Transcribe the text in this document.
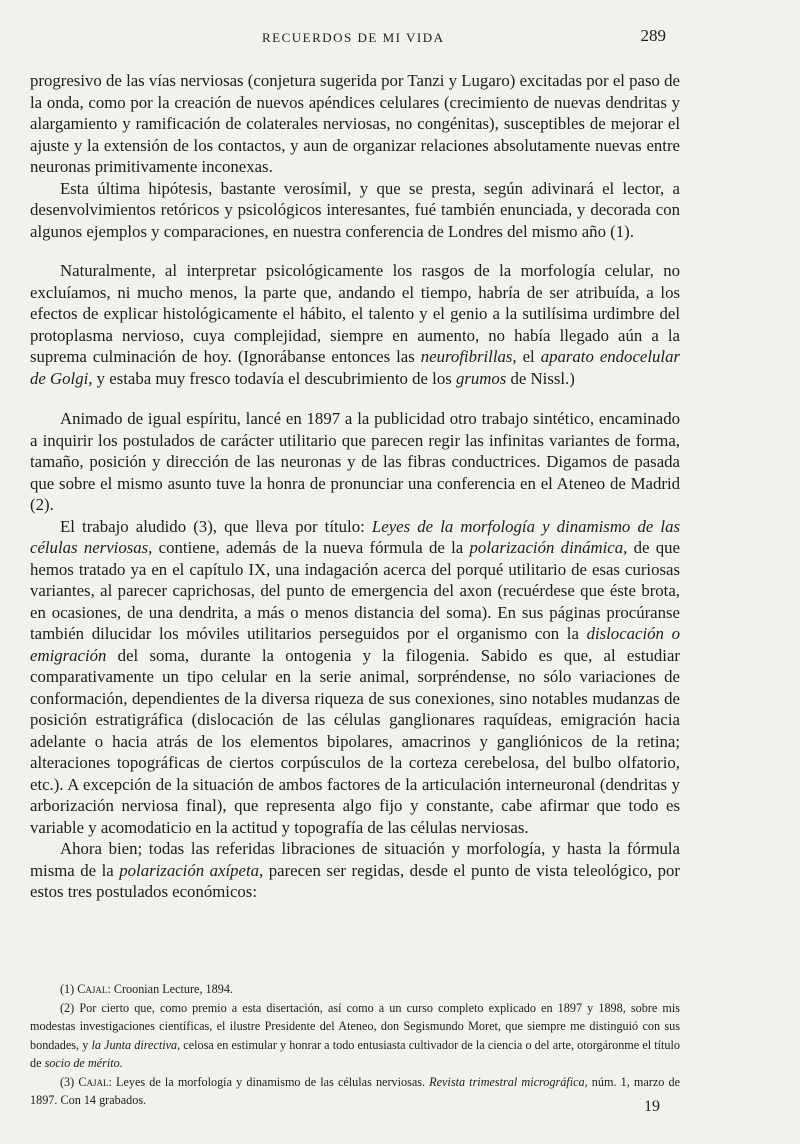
RECUERDOS DE MI VIDA	289

progresivo de las vías nerviosas (conjetura sugerida por Tanzi y Lugaro) excitadas por el paso de la onda, como por la creación de nuevos apéndices celulares (crecimiento de nuevas dendritas y alargamiento y ramificación de colaterales nerviosas, no congénitas), susceptibles de mejorar el ajuste y la extensión de los contactos, y aun de organizar relaciones absolutamente nuevas entre neuronas primitivamente inconexas.

Esta última hipótesis, bastante verosímil, y que se presta, según adivinará el lector, a desenvolvimientos retóricos y psicológicos interesantes, fué también enunciada, y decorada con algunos ejemplos y comparaciones, en nuestra conferencia de Londres del mismo año (1).

Naturalmente, al interpretar psicológicamente los rasgos de la morfología celular, no excluíamos, ni mucho menos, la parte que, andando el tiempo, habría de ser atribuída, a los efectos de explicar histológicamente el hábito, el talento y el genio a la sutilísima urdimbre del protoplasma nervioso, cuya complejidad, siempre en aumento, no había llegado aún a la suprema culminación de hoy. (Ignorábanse entonces las neurofibrillas, el aparato endocelular de Golgi, y estaba muy fresco todavía el descubrimiento de los grumos de Nissl.)

Animado de igual espíritu, lancé en 1897 a la publicidad otro trabajo sintético, encaminado a inquirir los postulados de carácter utilitario que parecen regir las infinitas variantes de forma, tamaño, posición y dirección de las neuronas y de las fibras conductrices. Digamos de pasada que sobre el mismo asunto tuve la honra de pronunciar una conferencia en el Ateneo de Madrid (2).

El trabajo aludido (3), que lleva por título: Leyes de la morfología y dinamismo de las células nerviosas, contiene, además de la nueva fórmula de la polarización dinámica, de que hemos tratado ya en el capítulo IX, una indagación acerca del porqué utilitario de esas curiosas variantes, al parecer caprichosas, del punto de emergencia del axon (recuérdese que éste brota, en ocasiones, de una dendrita, a más o menos distancia del soma). En sus páginas procúranse también dilucidar los móviles utilitarios perseguidos por el organismo con la dislocación o emigración del soma, durante la ontogenia y la filogenia. Sabido es que, al estudiar comparativamente un tipo celular en la serie animal, sorpréndense, no sólo variaciones de conformación, dependientes de la diversa riqueza de sus conexiones, sino notables mudanzas de posición estratigráfica (dislocación de las células ganglionares raquídeas, emigración hacia adelante o hacia atrás de los elementos bipolares, amacrinos y gangliónicos de la retina; alteraciones topográficas de ciertos corpúsculos de la corteza cerebelosa, del bulbo olfatorio, etc.). A excepción de la situación de ambos factores de la articulación interneuronal (dendritas y arborización nerviosa final), que representa algo fijo y constante, cabe afirmar que todo es variable y acomodaticio en la actitud y topografía de las células nerviosas.

Ahora bien; todas las referidas libraciones de situación y morfología, y hasta la fórmula misma de la polarización axípeta, parecen ser regidas, desde el punto de vista teleológico, por estos tres postulados económicos:

(1) Cajal: Croonian Lecture, 1894.

(2) Por cierto que, como premio a esta disertación, así como a un curso completo explicado en 1897 y 1898, sobre mis modestas investigaciones científicas, el ilustre Presidente del Ateneo, don Segismundo Moret, que siempre me distinguió con sus bondades, y la Junta directiva, celosa en estimular y honrar a todo entusiasta cultivador de la ciencia o del arte, otorgáronme el título de socio de mérito.

(3) Cajal: Leyes de la morfología y dinamismo de las células nerviosas. Revista trimestral micrográfica, núm. 1, marzo de 1897. Con 14 grabados.	19
